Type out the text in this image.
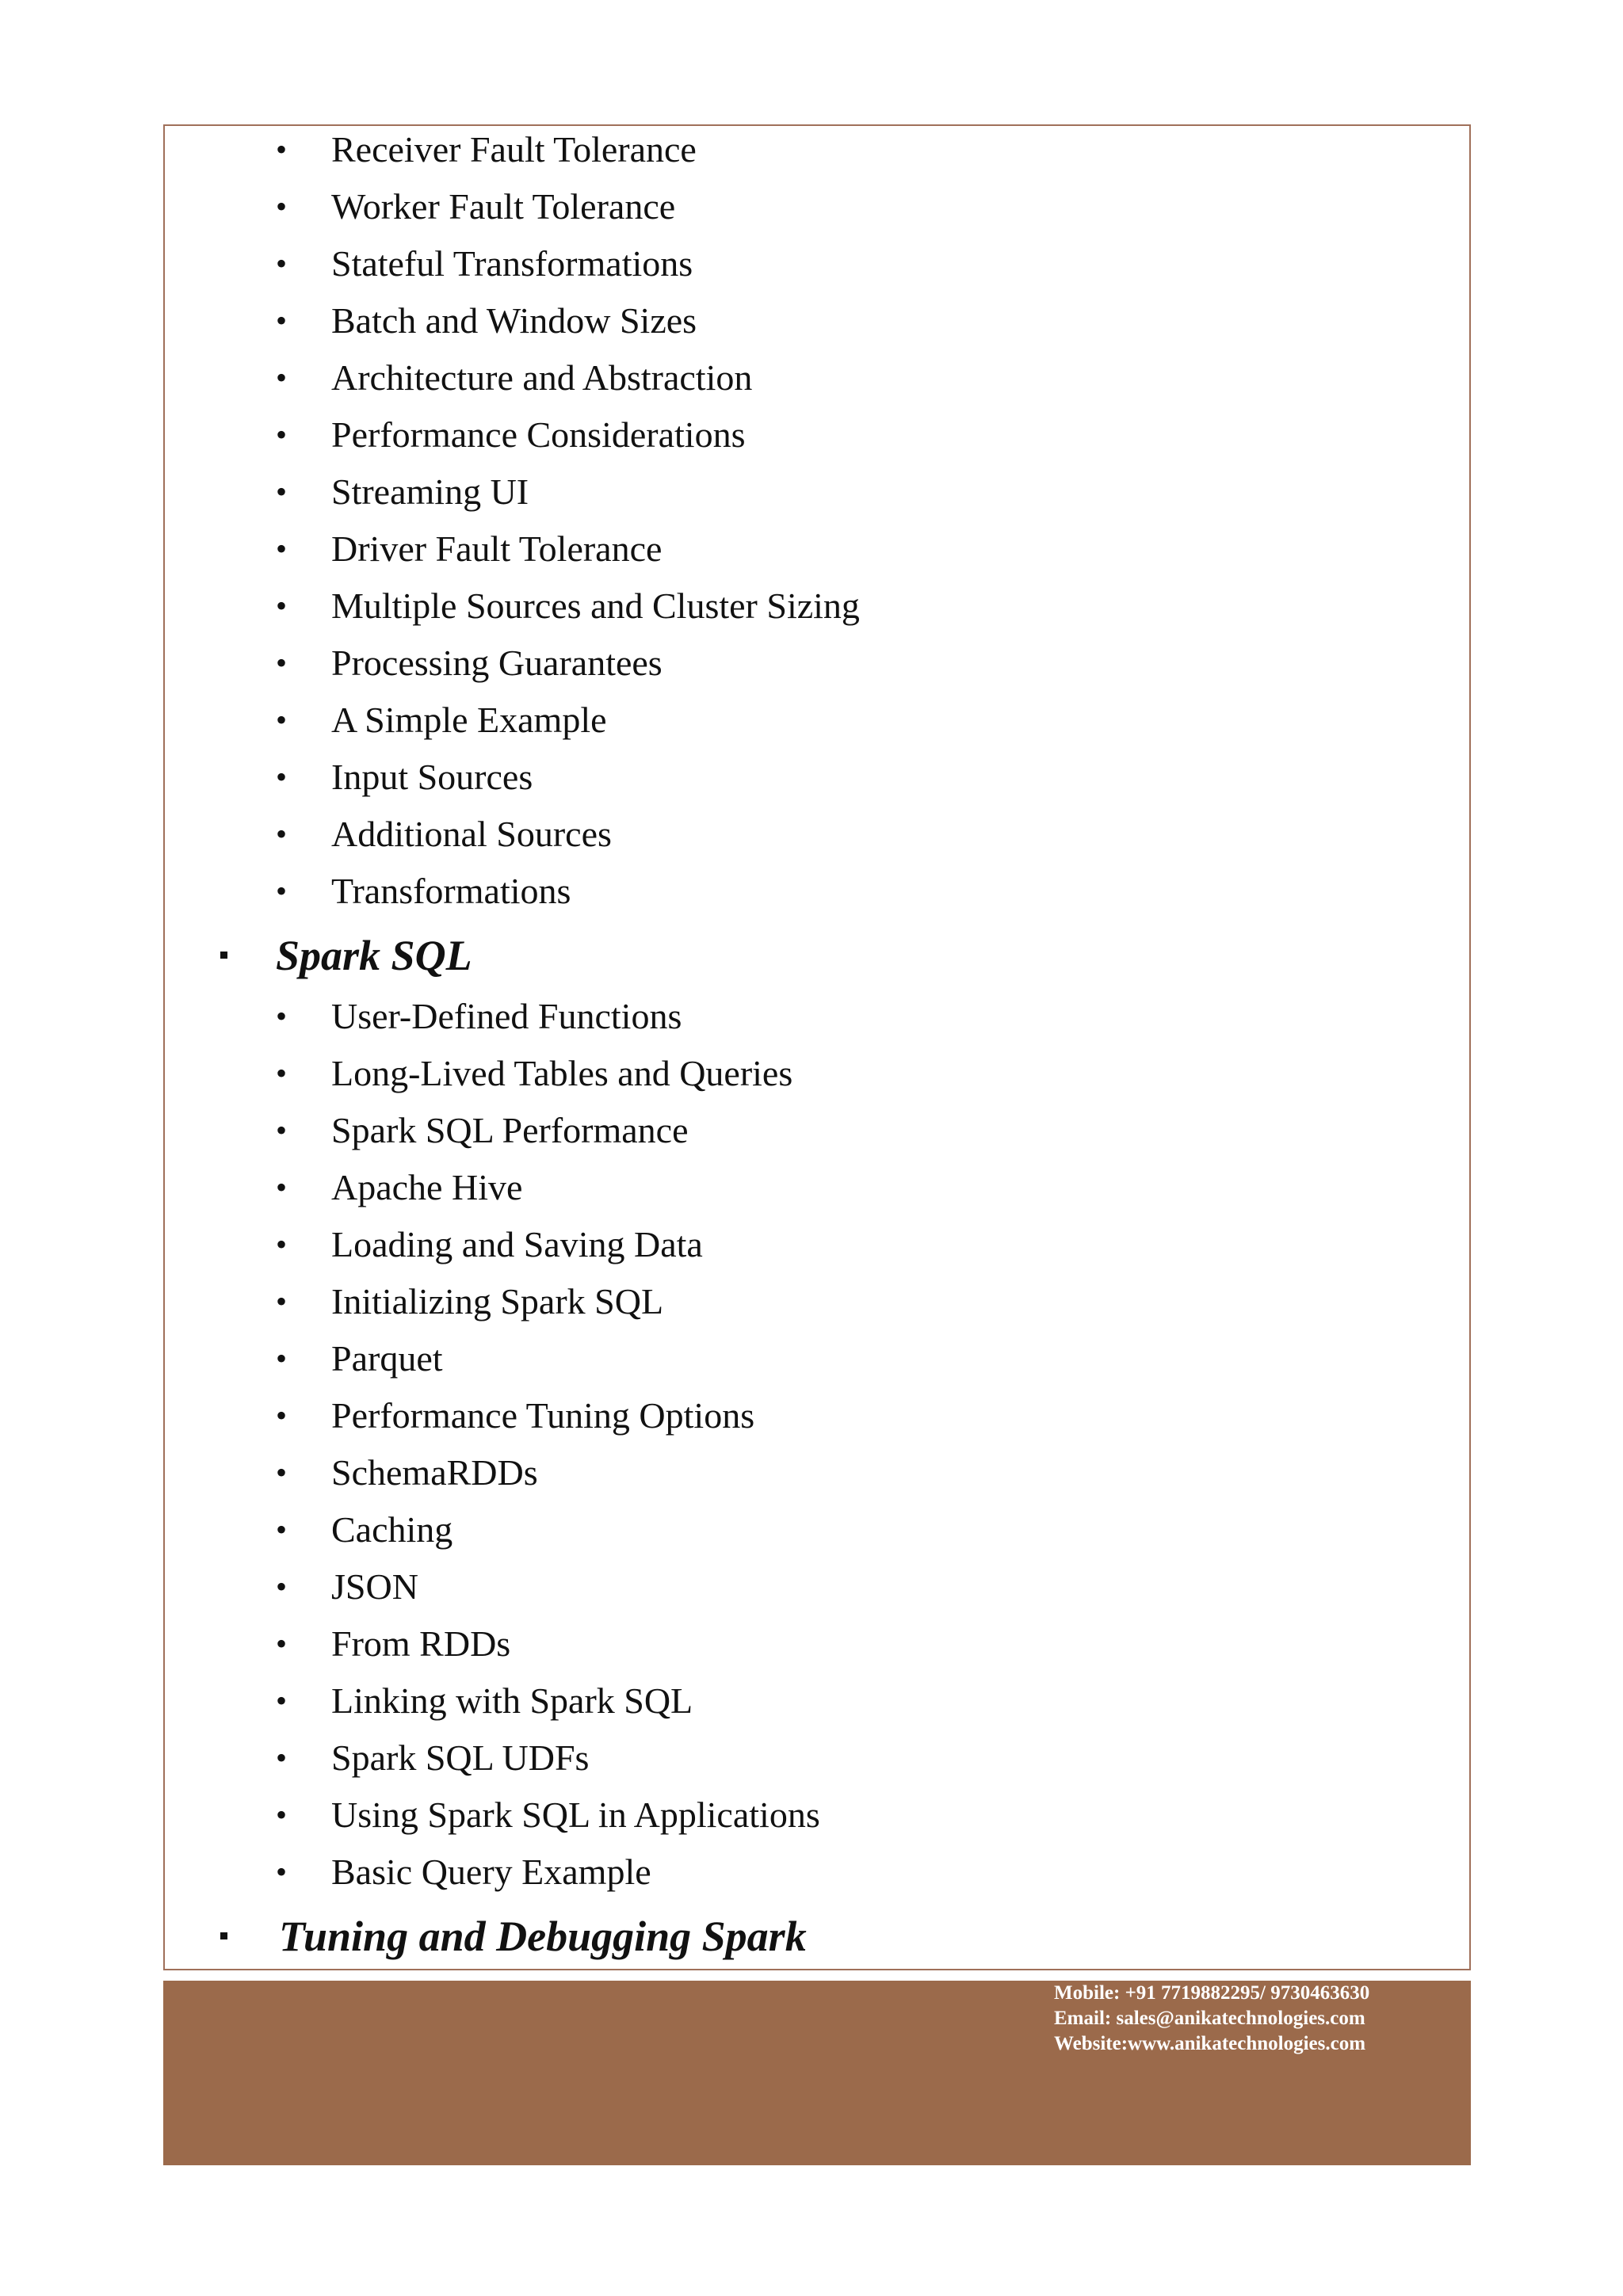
• Receiver Fault Tolerance
• Worker Fault Tolerance
• Stateful Transformations
• Batch and Window Sizes
• Architecture and Abstraction
• Performance Considerations
• Streaming UI
• Driver Fault Tolerance
• Multiple Sources and Cluster Sizing
• Processing Guarantees
• A Simple Example
• Input Sources
• Additional Sources
• Transformations
Spark SQL
• User-Defined Functions
• Long-Lived Tables and Queries
• Spark SQL Performance
• Apache Hive
• Loading and Saving Data
• Initializing Spark SQL
• Parquet
• Performance Tuning Options
• SchemaRDDs
• Caching
• JSON
• From RDDs
• Linking with Spark SQL
• Spark SQL UDFs
• Using Spark SQL in Applications
• Basic Query Example
Tuning and Debugging Spark
Mobile: +91 7719882295/ 9730463630
Email: sales@anikatechnologies.com
Website:www.anikatechnologies.com
